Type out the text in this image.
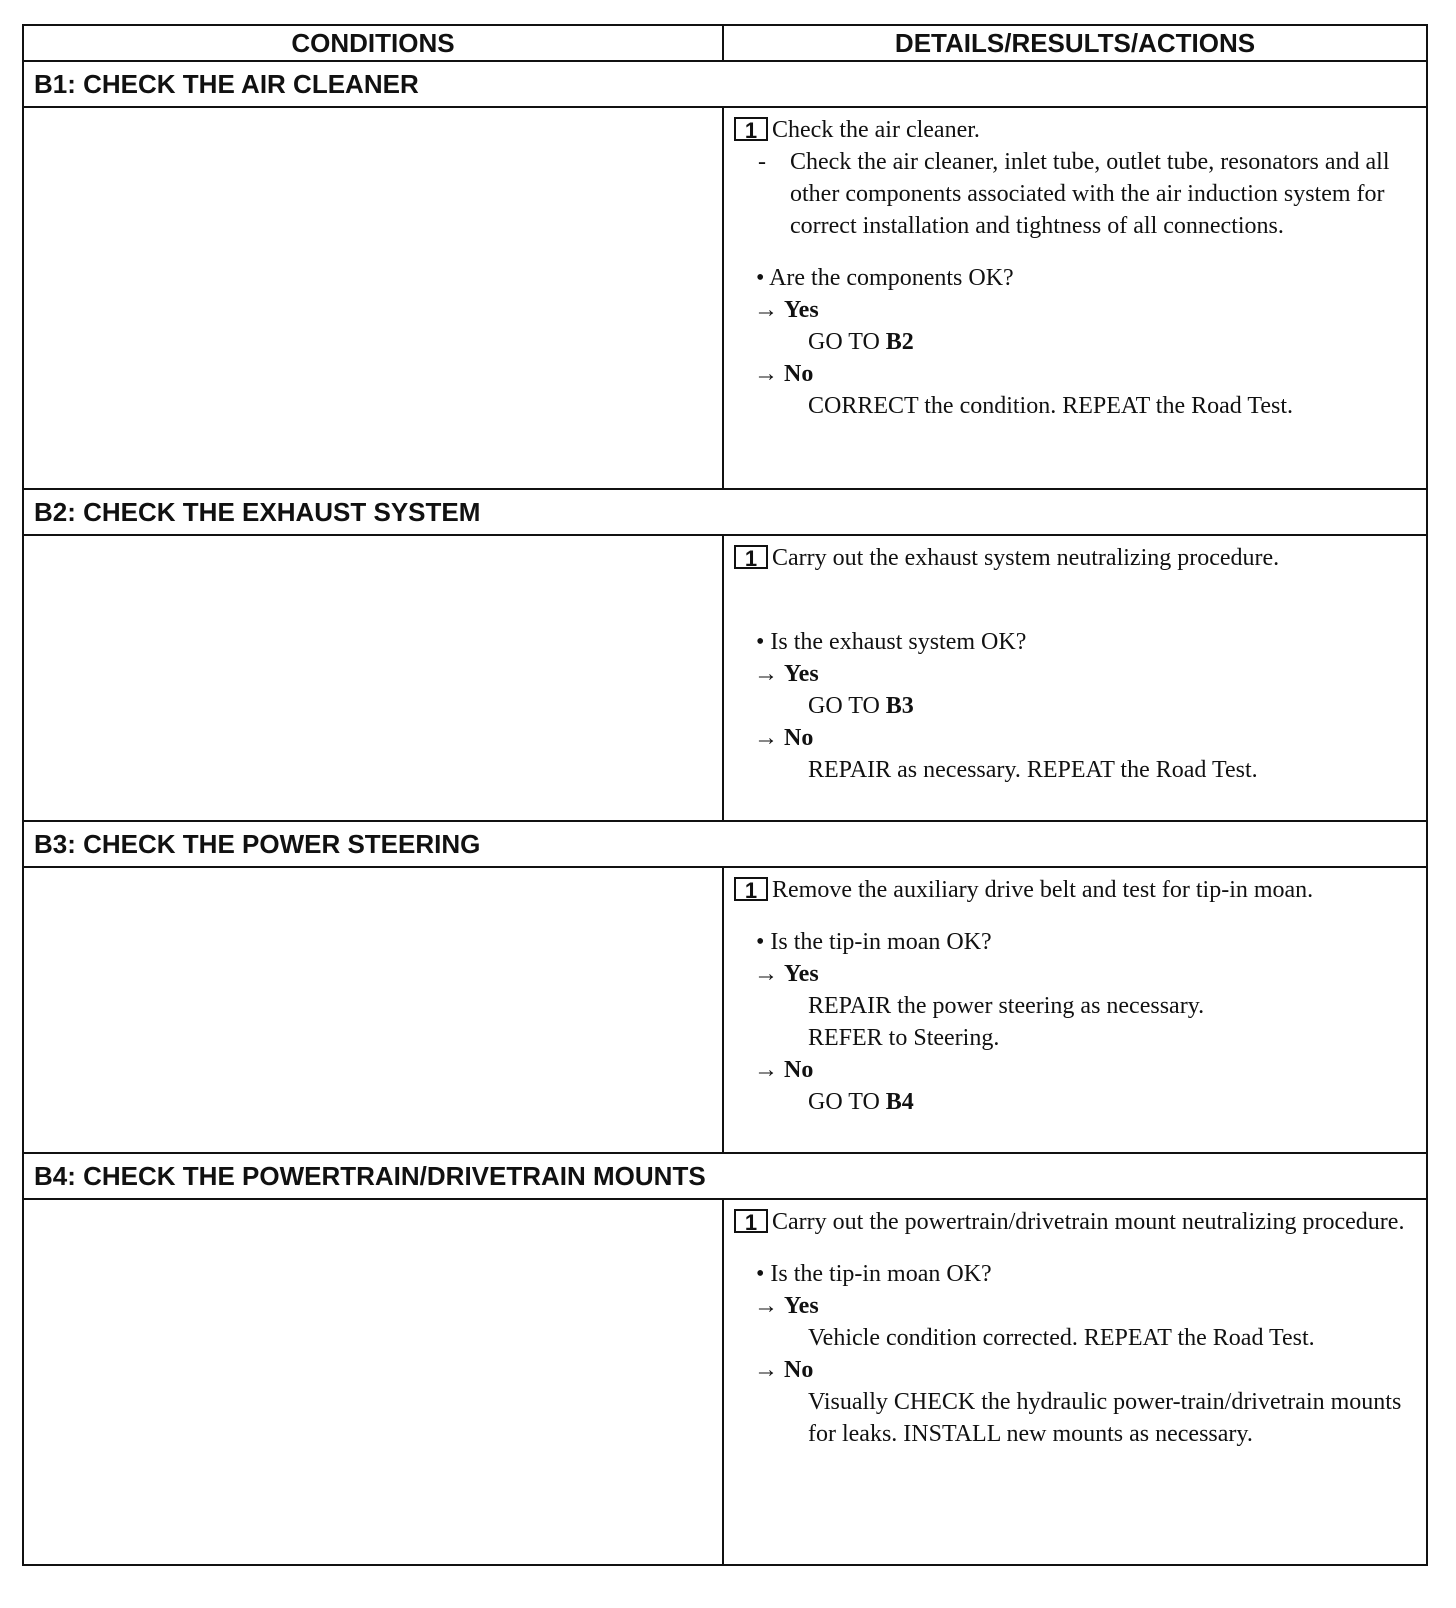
CONDITIONS	DETAILS/RESULTS/ACTIONS
B1: CHECK THE AIR CLEANER
1 Check the air cleaner.
-	Check the air cleaner, inlet tube, outlet tube, resonators and all other components associated with the air induction system for correct installation and tightness of all connections.
• Are the components OK?
→ Yes
GO TO B2
→ No
CORRECT the condition. REPEAT the Road Test.
B2: CHECK THE EXHAUST SYSTEM
1 Carry out the exhaust system neutralizing procedure.
• Is the exhaust system OK?
→ Yes
GO TO B3
→ No
REPAIR as necessary. REPEAT the Road Test.
B3: CHECK THE POWER STEERING
1 Remove the auxiliary drive belt and test for tip-in moan.
• Is the tip-in moan OK?
→ Yes
REPAIR the power steering as necessary.
REFER to Steering.
→ No
GO TO B4
B4: CHECK THE POWERTRAIN/DRIVETRAIN MOUNTS
1 Carry out the powertrain/drivetrain mount neutralizing procedure.
• Is the tip-in moan OK?
→ Yes
Vehicle condition corrected. REPEAT the Road Test.
→ No
Visually CHECK the hydraulic power-train/drivetrain mounts for leaks. INSTALL new mounts as necessary.
